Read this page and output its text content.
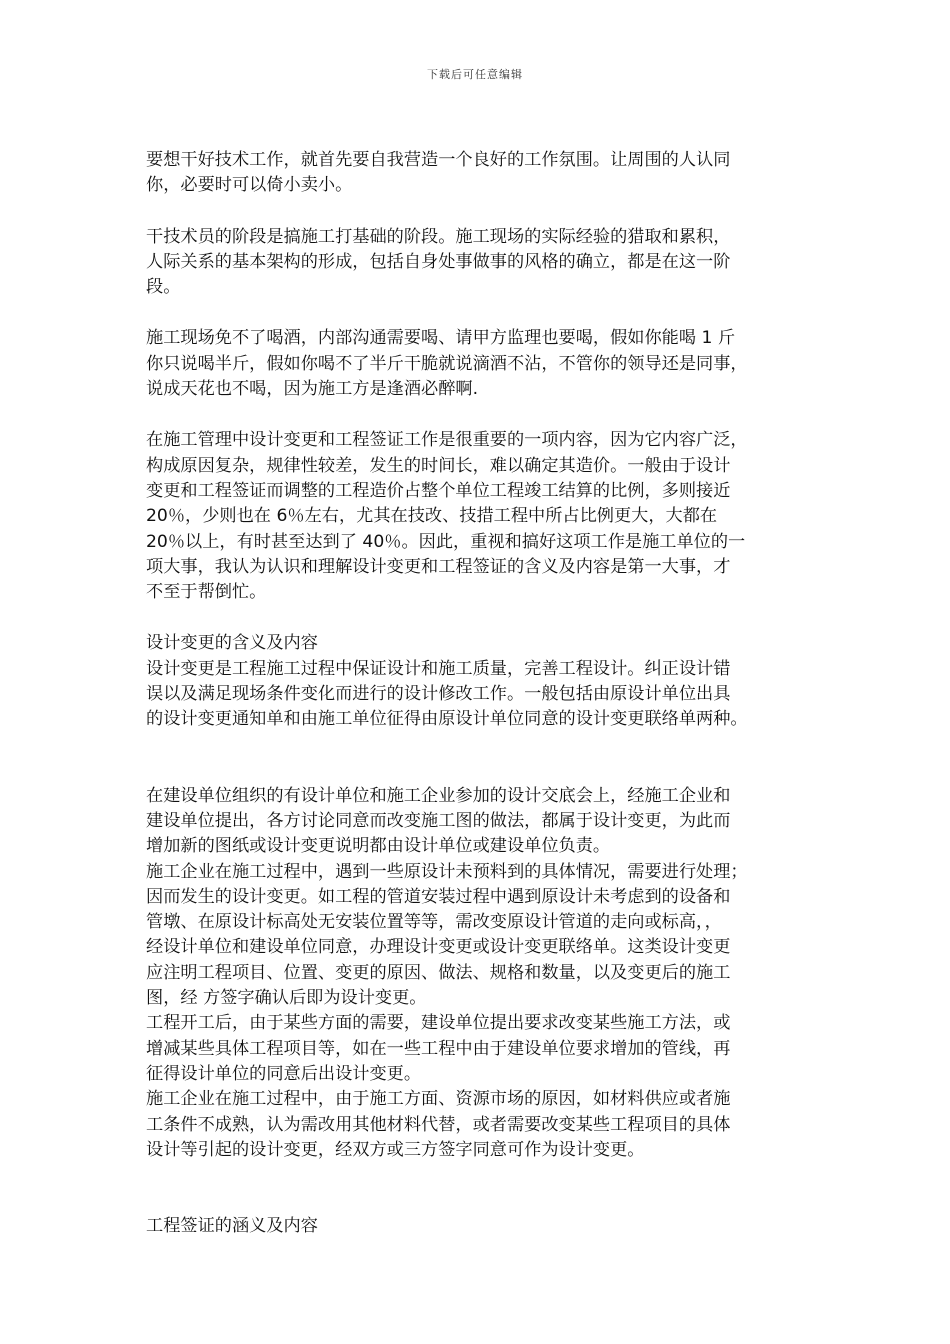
下载后可任意编辑

要想干好技术工作，就首先要自我营造一个良好的工作氛围。让周围的人认同
你，必要时可以倚小卖小。

干技术员的阶段是搞施工打基础的阶段。施工现场的实际经验的猎取和累积，
人际关系的基本架构的形成，包括自身处事做事的风格的确立，都是在这一阶
段。

施工现场免不了喝酒，内部沟通需要喝、请甲方监理也要喝，假如你能喝 1 斤
你只说喝半斤，假如你喝不了半斤干脆就说滴酒不沾，不管你的领导还是同事，
说成天花也不喝，因为施工方是逢酒必醉啊.

在施工管理中设计变更和工程签证工作是很重要的一项内容，因为它内容广泛，
构成原因复杂，规律性较差，发生的时间长，难以确定其造价。一般由于设计
变更和工程签证而调整的工程造价占整个单位工程竣工结算的比例，多则接近
20％，少则也在 6％左右，尤其在技改、技措工程中所占比例更大，大都在
20％以上，有时甚至达到了 40％。因此，重视和搞好这项工作是施工单位的一
项大事，我认为认识和理解设计变更和工程签证的含义及内容是第一大事，才
不至于帮倒忙。

设计变更的含义及内容
设计变更是工程施工过程中保证设计和施工质量，完善工程设计。纠正设计错
误以及满足现场条件变化而进行的设计修改工作。一般包括由原设计单位出具
的设计变更通知单和由施工单位征得由原设计单位同意的设计变更联络单两种。

在建设单位组织的有设计单位和施工企业参加的设计交底会上，经施工企业和
建设单位提出，各方讨论同意而改变施工图的做法，都属于设计变更，为此而
增加新的图纸或设计变更说明都由设计单位或建设单位负责。
施工企业在施工过程中，遇到一些原设计未预料到的具体情况，需要进行处理；
因而发生的设计变更。如工程的管道安装过程中遇到原设计未考虑到的设备和
管墩、在原设计标高处无安装位置等等，需改变原设计管道的走向或标高，，
经设计单位和建设单位同意，办理设计变更或设计变更联络单。这类设计变更
应注明工程项目、位置、变更的原因、做法、规格和数量，以及变更后的施工
图，经 方签字确认后即为设计变更。
工程开工后，由于某些方面的需要，建设单位提出要求改变某些施工方法，或
增减某些具体工程项目等，如在一些工程中由于建设单位要求增加的管线，再
征得设计单位的同意后出设计变更。
施工企业在施工过程中，由于施工方面、资源市场的原因，如材料供应或者施
工条件不成熟，认为需改用其他材料代替，或者需要改变某些工程项目的具体
设计等引起的设计变更，经双方或三方签字同意可作为设计变更。

工程签证的涵义及内容
